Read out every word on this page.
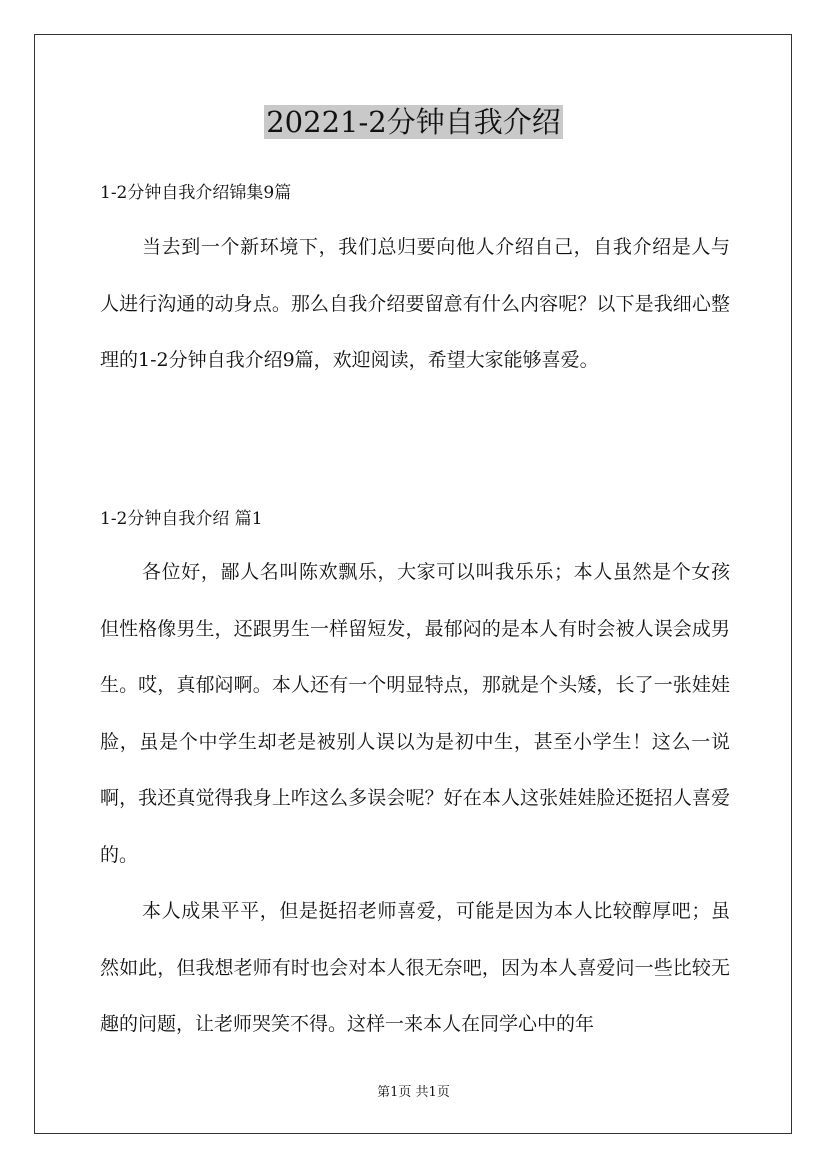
20221-2分钟自我介绍
1-2分钟自我介绍锦集9篇

当去到一个新环境下，我们总归要向他人介绍自己，自我介绍是人与人进行沟通的动身点。那么自我介绍要留意有什么内容呢？以下是我细心整理的1-2分钟自我介绍9篇，欢迎阅读，希望大家能够喜爱。

1-2分钟自我介绍 篇1

各位好，鄙人名叫陈欢飘乐，大家可以叫我乐乐；本人虽然是个女孩但性格像男生，还跟男生一样留短发，最郁闷的是本人有时会被人误会成男生。哎，真郁闷啊。本人还有一个明显特点，那就是个头矮，长了一张娃娃脸，虽是个中学生却老是被别人误以为是初中生，甚至小学生！这么一说啊，我还真觉得我身上咋这么多误会呢？好在本人这张娃娃脸还挺招人喜爱的。

本人成果平平，但是挺招老师喜爱，可能是因为本人比较醇厚吧；虽然如此，但我想老师有时也会对本人很无奈吧，因为本人喜爱问一些比较无趣的问题，让老师哭笑不得。这样一来本人在同学心中的年

第1页 共1页
